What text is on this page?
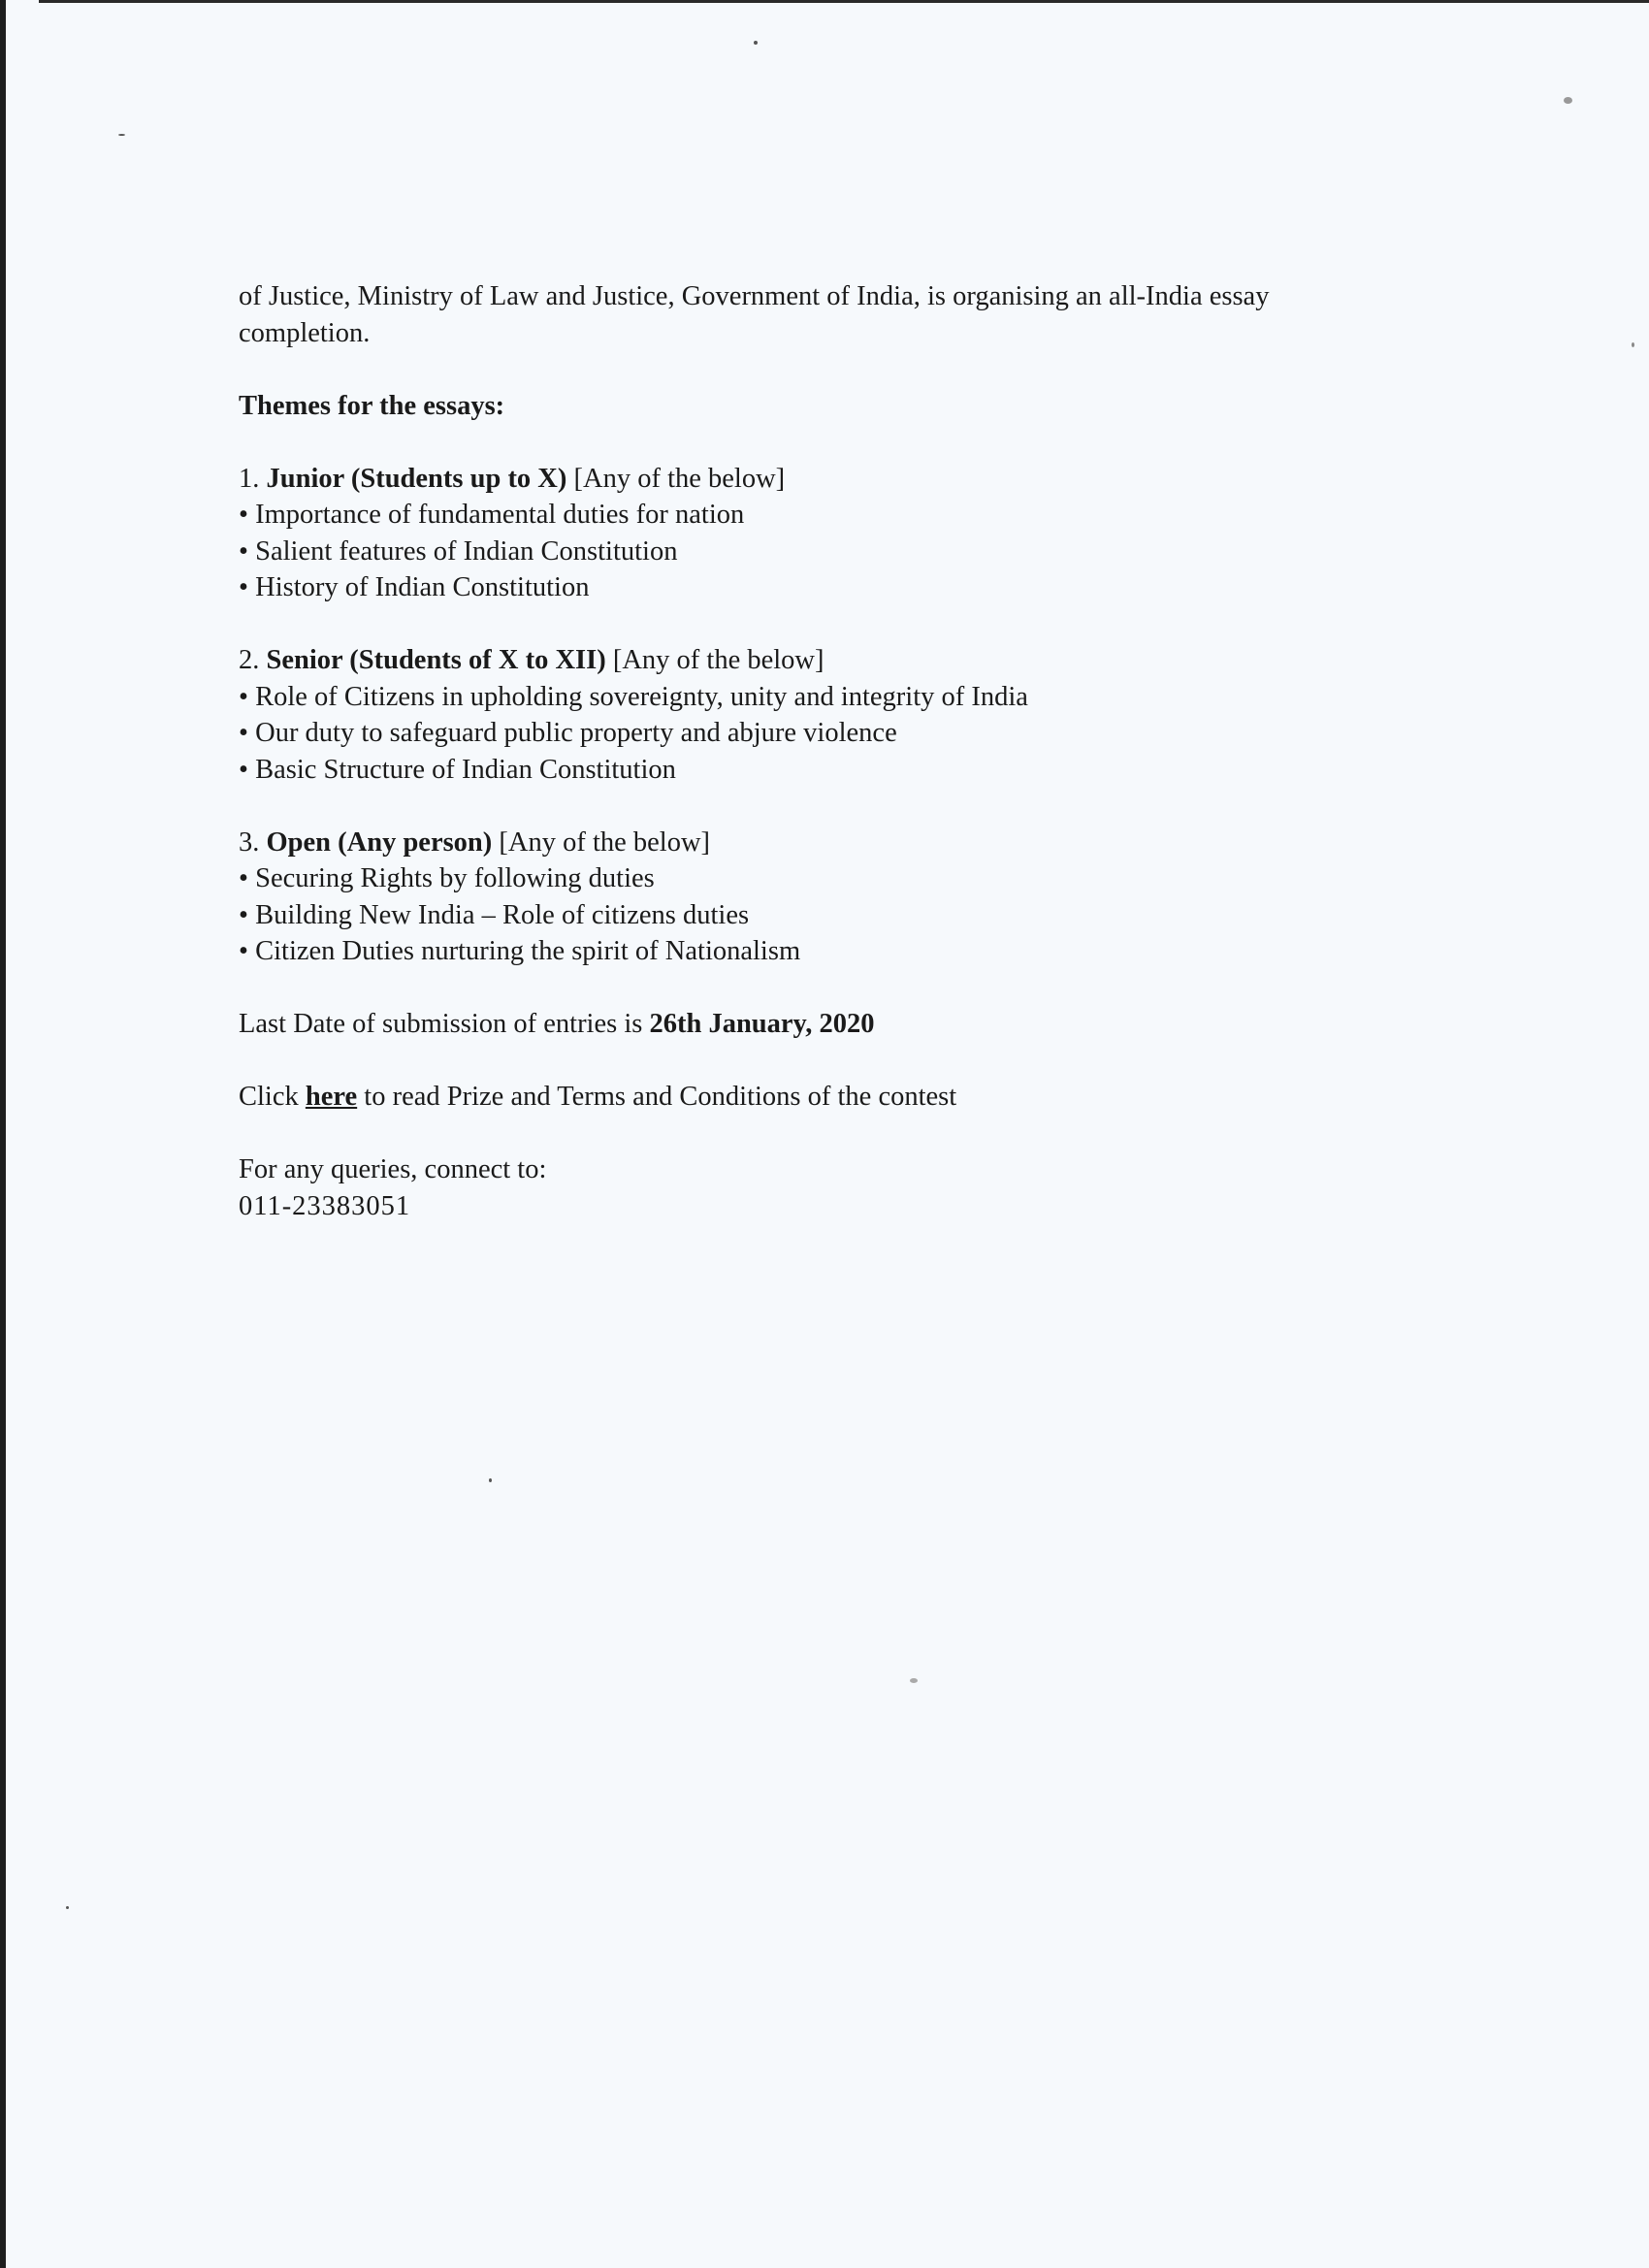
of Justice, Ministry of Law and Justice, Government of India, is organising an all-India essay

completion.

Themes for the essays:

1. Junior (Students up to X) [Any of the below]

• Importance of fundamental duties for nation

• Salient features of Indian Constitution

• History of Indian Constitution

2. Senior (Students of X to XII) [Any of the below]

• Role of Citizens in upholding sovereignty, unity and integrity of India

• Our duty to safeguard public property and abjure violence

• Basic Structure of Indian Constitution

3. Open (Any person) [Any of the below]

• Securing Rights by following duties

• Building New India – Role of citizens duties

• Citizen Duties nurturing the spirit of Nationalism

Last Date of submission of entries is 26th January, 2020

Click here to read Prize and Terms and Conditions of the contest

For any queries, connect to:

011-23383051
